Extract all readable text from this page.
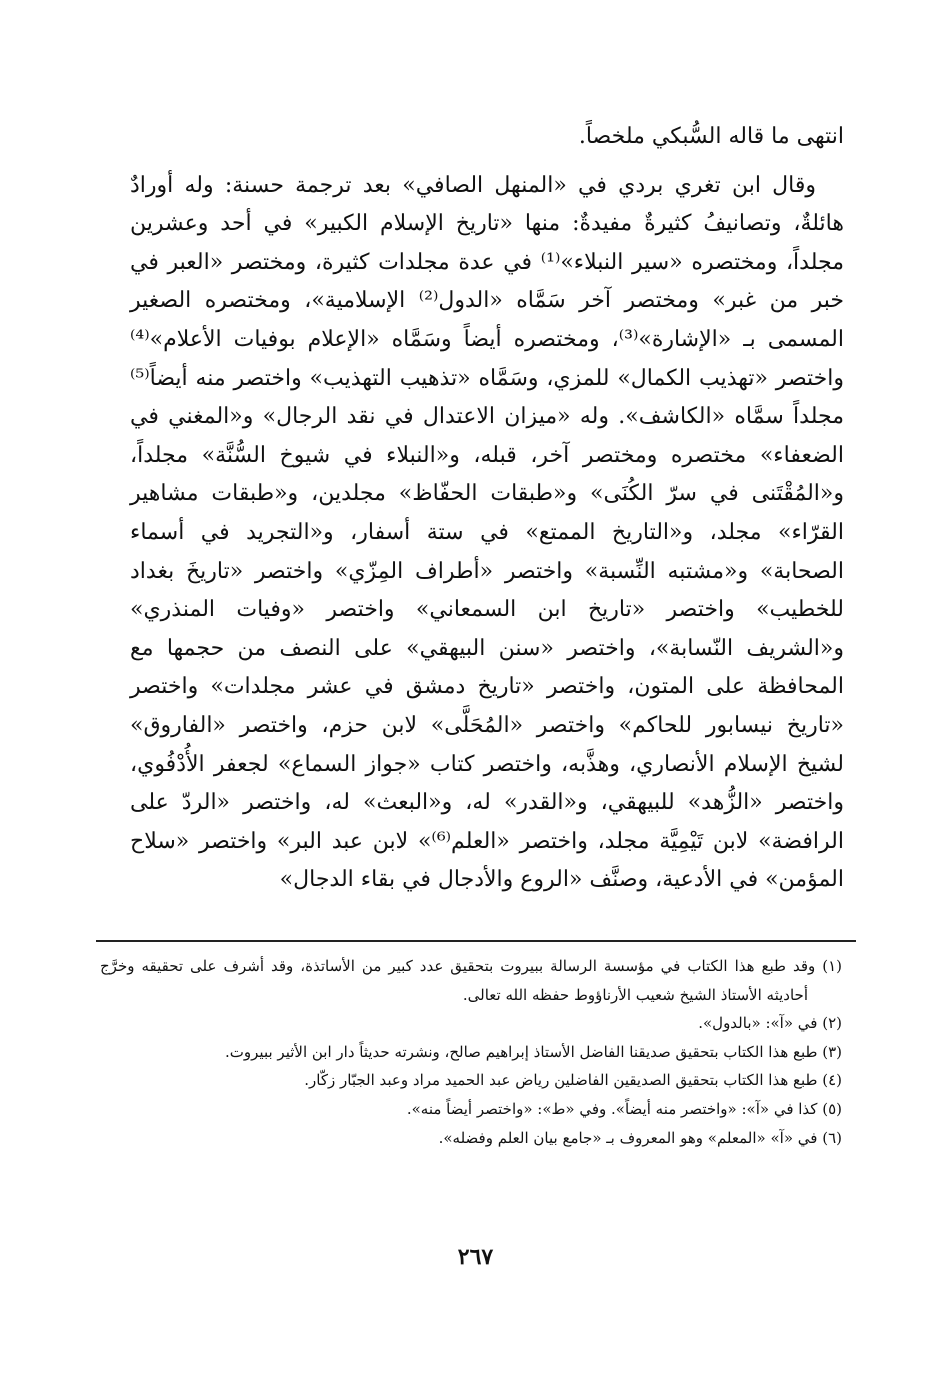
انتهى ما قاله السُّبكي ملخصاً.

وقال ابن تغري بردي في «المنهل الصافي» بعد ترجمة حسنة: وله أورادٌ هائلةٌ، وتصانيفُ كثيرةٌ مفيدةٌ: منها «تاريخ الإسلام الكبير» في أحد وعشرين مجلداً، ومختصره «سير النبلاء»⁽¹⁾ في عدة مجلدات كثيرة، ومختصر «العبر في خبر من غبر» ومختصر آخر سَمَّاه «الدول⁽²⁾ الإسلامية»، ومختصره الصغير المسمى بـ «الإشارة»⁽³⁾، ومختصره أيضاً وسَمَّاه «الإعلام بوفيات الأعلام»⁽⁴⁾ واختصر «تهذيب الكمال» للمزي، وسَمَّاه «تذهيب التهذيب» واختصر منه أيضاً⁽⁵⁾ مجلداً سمَّاه «الكاشف». وله «ميزان الاعتدال في نقد الرجال» و«المغني في الضعفاء» مختصره ومختصر آخر، قبله، و«النبلاء في شيوخ السُّنَّة» مجلداً، و«المُقْتَنى في سرّ الكُنَى» و«طبقات الحفّاظ» مجلدين، و«طبقات مشاهير القرّاء» مجلد، و«التاريخ الممتع» في ستة أسفار، و«التجريد في أسماء الصحابة» و«مشتبه النِّسبة» واختصر «أطراف المِزّي» واختصر «تاريخَ بغداد للخطيب» واختصر «تاريخ ابن السمعاني» واختصر «وفيات المنذري» و«الشريف النّسابة»، واختصر «سنن البيهقي» على النصف من حجمها مع المحافظة على المتون، واختصر «تاريخ دمشق في عشر مجلدات» واختصر «تاريخ نيسابور للحاكم» واختصر «المُحَلَّى» لابن حزم، واختصر «الفاروق» لشيخ الإسلام الأنصاري، وهذَّبه، واختصر كتاب «جواز السماع» لجعفر الأُدْفُوي، واختصر «الزُّهد» للبيهقي، و«القدر» له، و«البعث» له، واختصر «الردّ على الرافضة» لابن تَيْمِيَّة مجلد، واختصر «العلم⁽⁶⁾» لابن عبد البر» واختصر «سلاح المؤمن» في الأدعية، وصنَّف «الروع والأدجال في بقاء الدجال»

(١) وقد طبع هذا الكتاب في مؤسسة الرسالة ببيروت بتحقيق عدد كبير من الأساتذة، وقد أشرف على تحقيقه وخرَّج أحاديثه الأستاذ الشيخ شعيب الأرناؤوط حفظه الله تعالى.

(٢) في «آ»: «بالدول».

(٣) طبع هذا الكتاب بتحقيق صديقنا الفاضل الأستاذ إبراهيم صالح، ونشرته حديثاً دار ابن الأثير ببيروت.

(٤) طبع هذا الكتاب بتحقيق الصديقين الفاضلين رياض عبد الحميد مراد وعبد الجبّار زكّار.

(٥) كذا في «آ»: «واختصر منه أيضاً». وفي «ط»: «واختصر أيضاً منه».

(٦) في «آ» «المعلم» وهو المعروف بـ «جامع بيان العلم وفضله».

٢٦٧
